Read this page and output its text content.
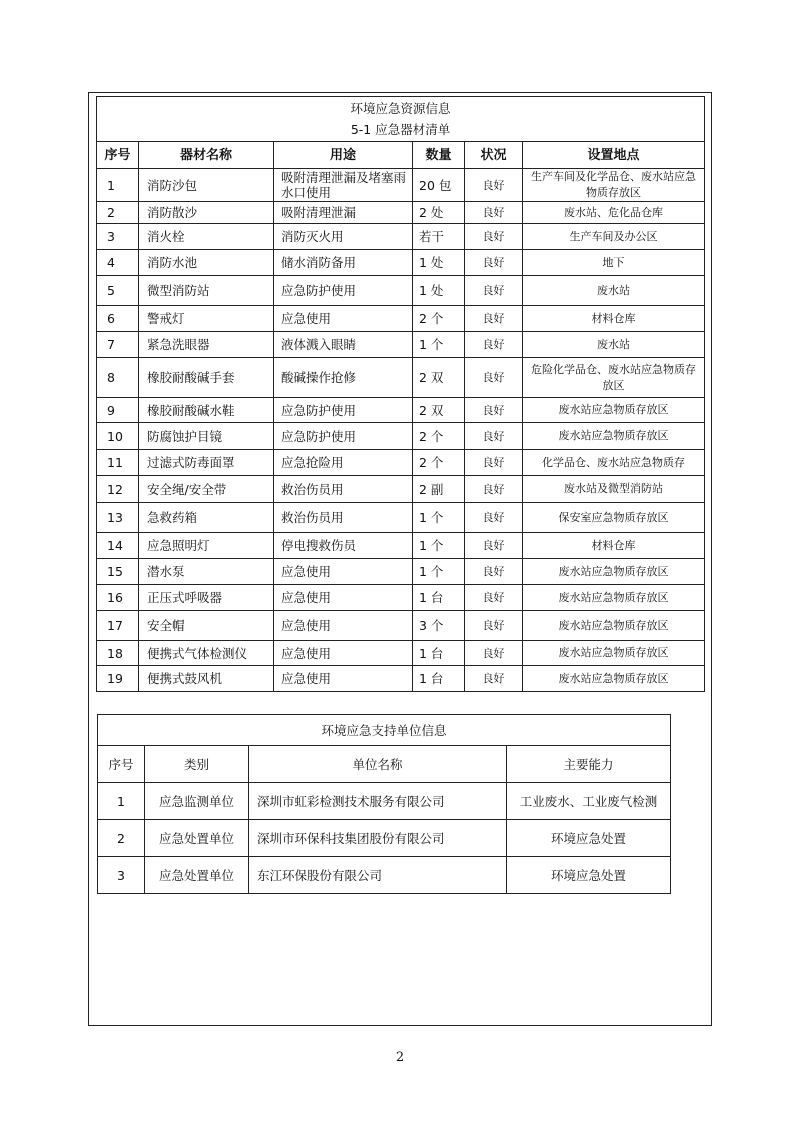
环境应急资源信息
5-1 应急器材清单					

序号	器材名称	用途	数量	状况	设置地点
1	消防沙包	吸附清理泄漏及堵塞雨水口使用	20 包	良好	生产车间及化学品仓、废水站应急物质存放区
2	消防散沙	吸附清理泄漏	2 处	良好	废水站、危化品仓库
3	消火栓	消防灭火用	若干	良好	生产车间及办公区
4	消防水池	储水消防备用	1 处	良好	地下
5	微型消防站	应急防护使用	1 处	良好	废水站
6	警戒灯	应急使用	2 个	良好	材料仓库
7	紧急洗眼器	液体溅入眼睛	1 个	良好	废水站
8	橡胶耐酸碱手套	酸碱操作抢修	2 双	良好	危险化学品仓、废水站应急物质存放区
9	橡胶耐酸碱水鞋	应急防护使用	2 双	良好	废水站应急物质存放区
10	防腐蚀护目镜	应急防护使用	2 个	良好	废水站应急物质存放区
11	过滤式防毒面罩	应急抢险用	2 个	良好	化学品仓、废水站应急物质存
12	安全绳/安全带	救治伤员用	2 副	良好	废水站及微型消防站
13	急救药箱	救治伤员用	1 个	良好	保安室应急物质存放区
14	应急照明灯	停电搜救伤员	1 个	良好	材料仓库
15	潜水泵	应急使用	1 个	良好	废水站应急物质存放区
16	正压式呼吸器	应急使用	1 台	良好	废水站应急物质存放区
17	安全帽	应急使用	3 个	良好	废水站应急物质存放区
18	便携式气体检测仪	应急使用	1 台	良好	废水站应急物质存放区
19	便携式鼓风机	应急使用	1 台	良好	废水站应急物质存放区
环境应急支持单位信息			
序号	类别	单位名称	主要能力
1	应急监测单位	深圳市虹彩检测技术服务有限公司	工业废水、工业废气检测
2	应急处置单位	深圳市环保科技集团股份有限公司	环境应急处置
3	应急处置单位	东江环保股份有限公司	环境应急处置
2
